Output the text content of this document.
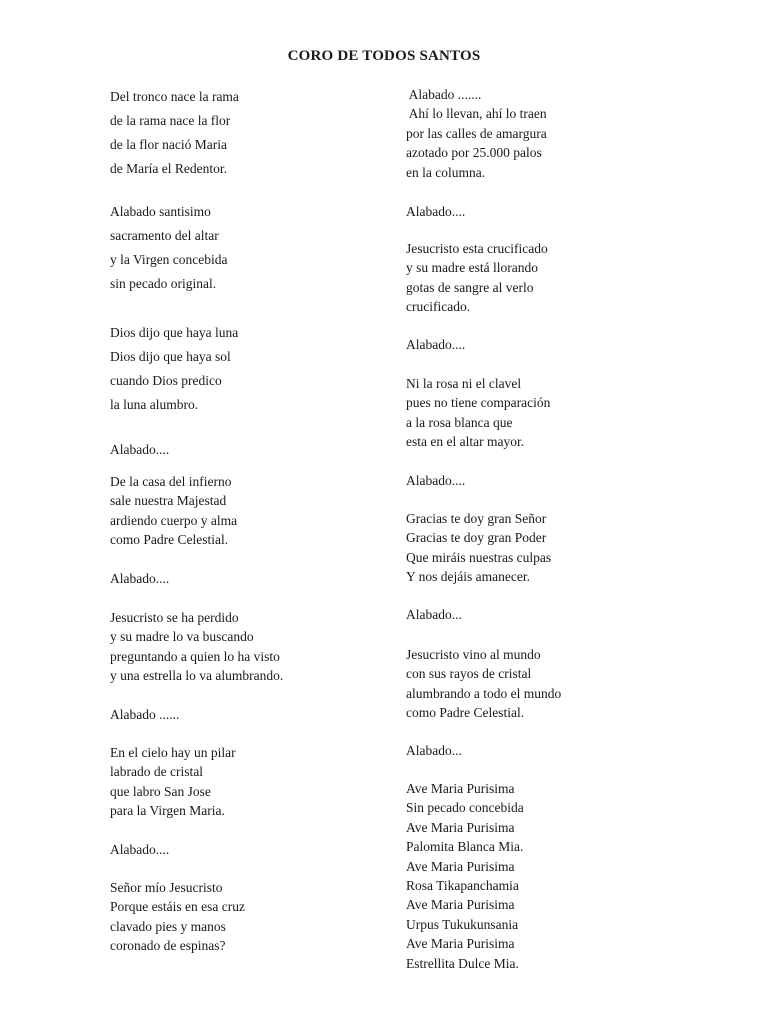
CORO DE TODOS SANTOS
Del tronco nace la rama
de la rama nace la flor
de la flor nació Maria
de María el Redentor.
Alabado santisimo
sacramento del altar
y la Virgen concebida
sin pecado original.
Dios dijo que haya luna
Dios dijo que haya sol
cuando Dios predico
la luna alumbro.
Alabado....
De la casa del infierno
sale nuestra Majestad
ardiendo cuerpo y alma
como Padre Celestial.
Alabado....
Jesucristo se ha perdido
y su madre lo va buscando
preguntando a quien lo ha visto
y una estrella lo va alumbrando.
Alabado ......
En el cielo hay un pilar
labrado de cristal
que labro San Jose
para la Virgen Maria.
Alabado....
Señor mío Jesucristo
Porque estáis en esa cruz
clavado pies y manos
coronado de espinas?
Alabado .......
Ahí lo llevan, ahí lo traen
por las calles de amargura
azotado por 25.000 palos
en la columna.
Alabado....
Jesucristo esta crucificado
y su madre está llorando
gotas de sangre al verlo
crucificado.
Alabado....
Ni la rosa ni el clavel
pues no tiene comparación
a la rosa blanca que
esta en el altar mayor.
Alabado....
Gracias te doy gran Señor
Gracias te doy gran Poder
Que miráis nuestras culpas
Y nos dejáis amanecer.
Alabado...
Jesucristo vino al mundo
con sus rayos de cristal
alumbrando a todo el mundo
como Padre Celestial.
Alabado...
Ave Maria Purisima
Sin pecado concebida
Ave Maria Purisima
Palomita Blanca Mia.
Ave Maria Purisima
Rosa Tikapanchamia
Ave Maria Purisima
Urpus Tukukunsania
Ave Maria Purisima
Estrellita Dulce Mia.
